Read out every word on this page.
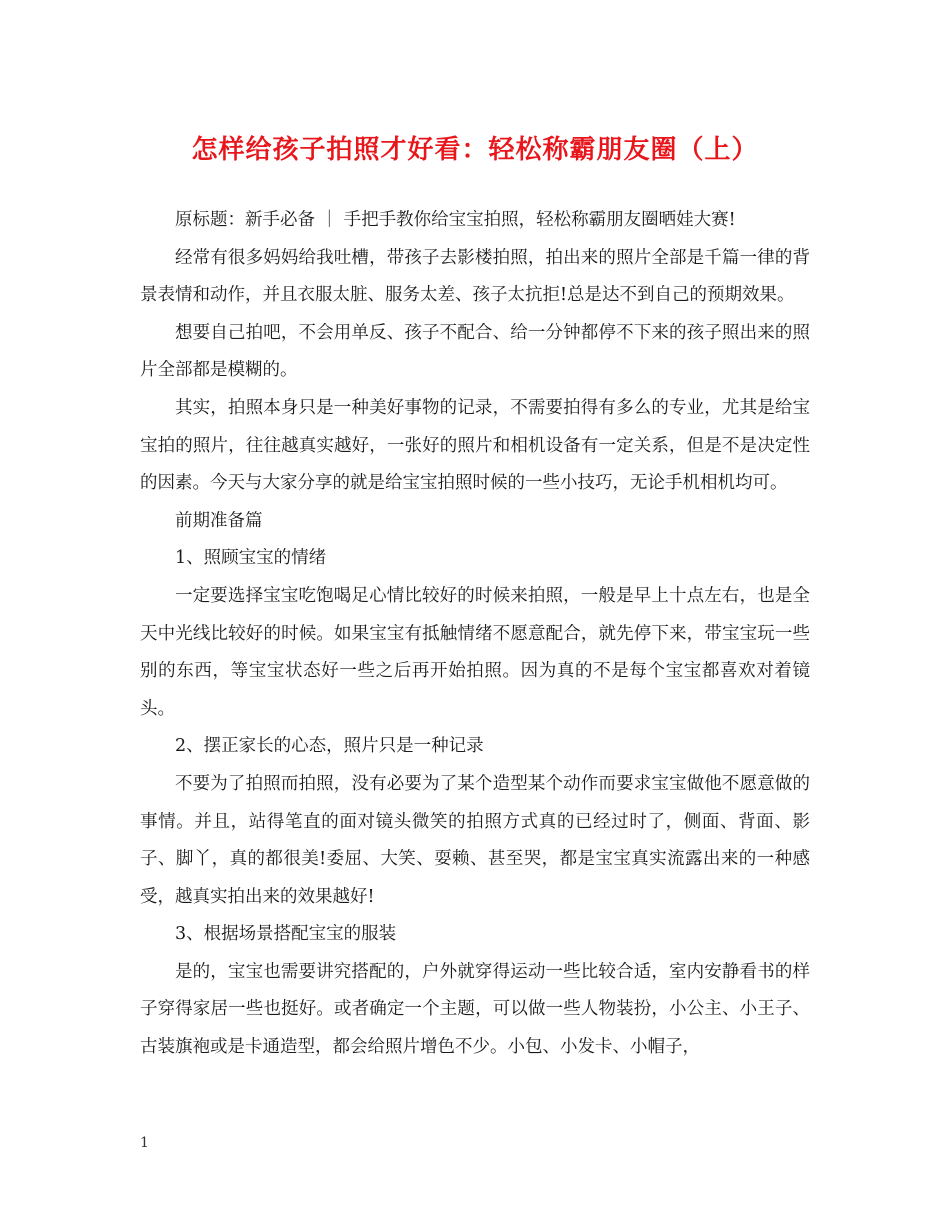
怎样给孩子拍照才好看：轻松称霸朋友圈（上）

原标题：新手必备 ｜ 手把手教你给宝宝拍照，轻松称霸朋友圈晒娃大赛!

经常有很多妈妈给我吐槽，带孩子去影楼拍照，拍出来的照片全部是千篇一律的背景表情和动作，并且衣服太脏、服务太差、孩子太抗拒!总是达不到自己的预期效果。

想要自己拍吧，不会用单反、孩子不配合、给一分钟都停不下来的孩子照出来的照片全部都是模糊的。

其实，拍照本身只是一种美好事物的记录，不需要拍得有多么的专业，尤其是给宝宝拍的照片，往往越真实越好，一张好的照片和相机设备有一定关系，但是不是决定性的因素。今天与大家分享的就是给宝宝拍照时候的一些小技巧，无论手机相机均可。

前期准备篇

1、照顾宝宝的情绪

一定要选择宝宝吃饱喝足心情比较好的时候来拍照，一般是早上十点左右，也是全天中光线比较好的时候。如果宝宝有抵触情绪不愿意配合，就先停下来，带宝宝玩一些别的东西，等宝宝状态好一些之后再开始拍照。因为真的不是每个宝宝都喜欢对着镜头。

2、摆正家长的心态，照片只是一种记录

不要为了拍照而拍照，没有必要为了某个造型某个动作而要求宝宝做他不愿意做的事情。并且，站得笔直的面对镜头微笑的拍照方式真的已经过时了，侧面、背面、影子、脚丫，真的都很美!委屈、大笑、耍赖、甚至哭，都是宝宝真实流露出来的一种感受，越真实拍出来的效果越好!

3、根据场景搭配宝宝的服装

是的，宝宝也需要讲究搭配的，户外就穿得运动一些比较合适，室内安静看书的样子穿得家居一些也挺好。或者确定一个主题，可以做一些人物装扮，小公主、小王子、古装旗袍或是卡通造型，都会给照片增色不少。小包、小发卡、小帽子，

1
